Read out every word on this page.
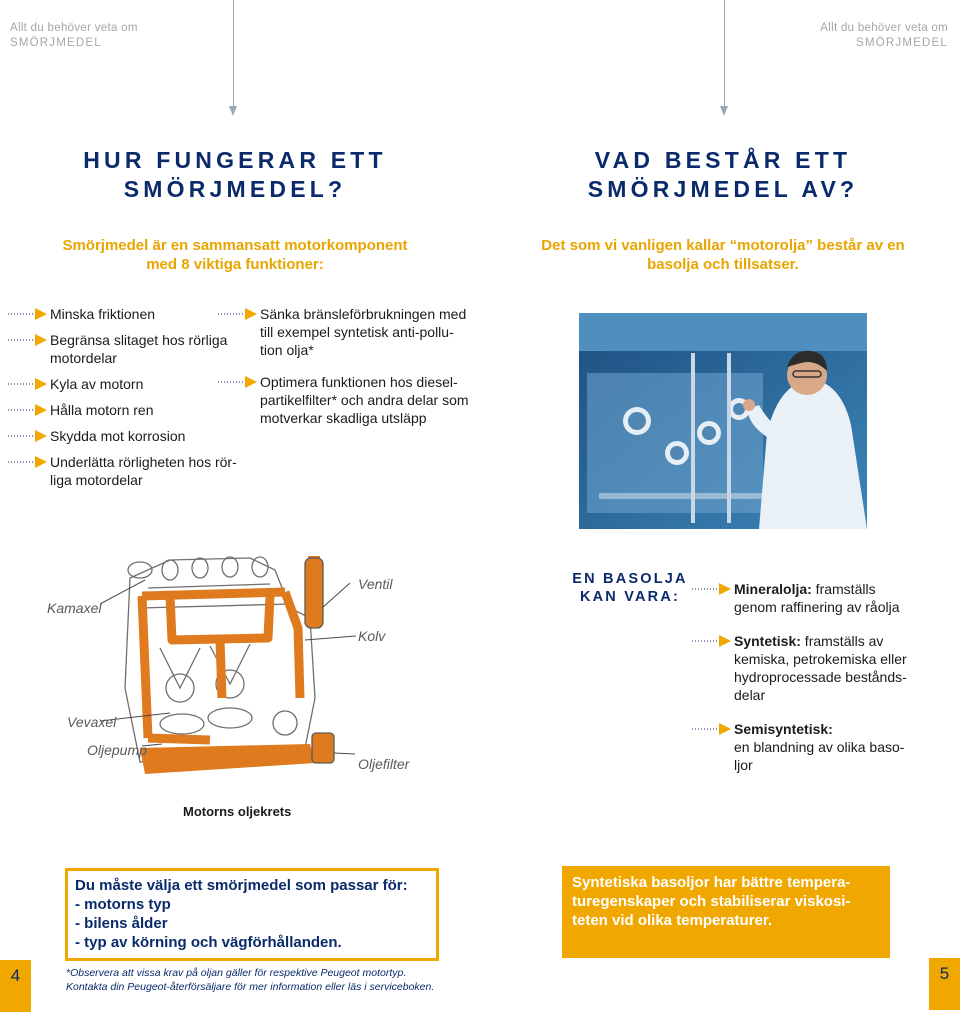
Allt du behöver veta om
SMÖRJMEDEL
Allt du behöver veta om
SMÖRJMEDEL
HUR FUNGERAR ETT
SMÖRJMEDEL?
VAD BESTÅR ETT
SMÖRJMEDEL AV?
Smörjmedel är en sammansatt motorkomponent
med 8 viktiga funktioner:
Det som vi vanligen kallar “motorolja” består av en
basolja och tillsatser.
Minska friktionen
Begränsa slitaget hos rörliga
motordelar
Kyla av motorn
Hålla motorn ren
Skydda mot korrosion
Underlätta rörligheten hos rör-
liga motordelar
Sänka bränsleförbrukningen med
till exempel syntetisk anti-pollu-
tion olja*
Optimera funktionen hos diesel-
partikelfilter* och andra delar som
motverkar skadliga utsläpp
Kamaxel
Vevaxel
Oljepump
Ventil
Kolv
Oljefilter
Motorns oljekrets
EN BASOLJA
KAN VARA:	Mineralolja: framställs
genom raffinering av råolja
Syntetisk: framställs av
kemiska, petrokemiska eller
hydroprocessade bestånds-
delar
Semisyntetisk:
en blandning av olika baso-
ljor

Du måste välja ett smörjmedel som passar för:

- motorns typ

- bilens ålder

- typ av körning och vägförhållanden.

Syntetiska basoljor har bättre tempera-

turegenskaper och stabiliserar viskosi-

teten vid olika temperaturer.

*Observera att vissa krav på oljan gäller för respektive Peugeot motortyp.
Kontakta din Peugeot-återförsäljare för mer information eller läs i serviceboken.
4	5
